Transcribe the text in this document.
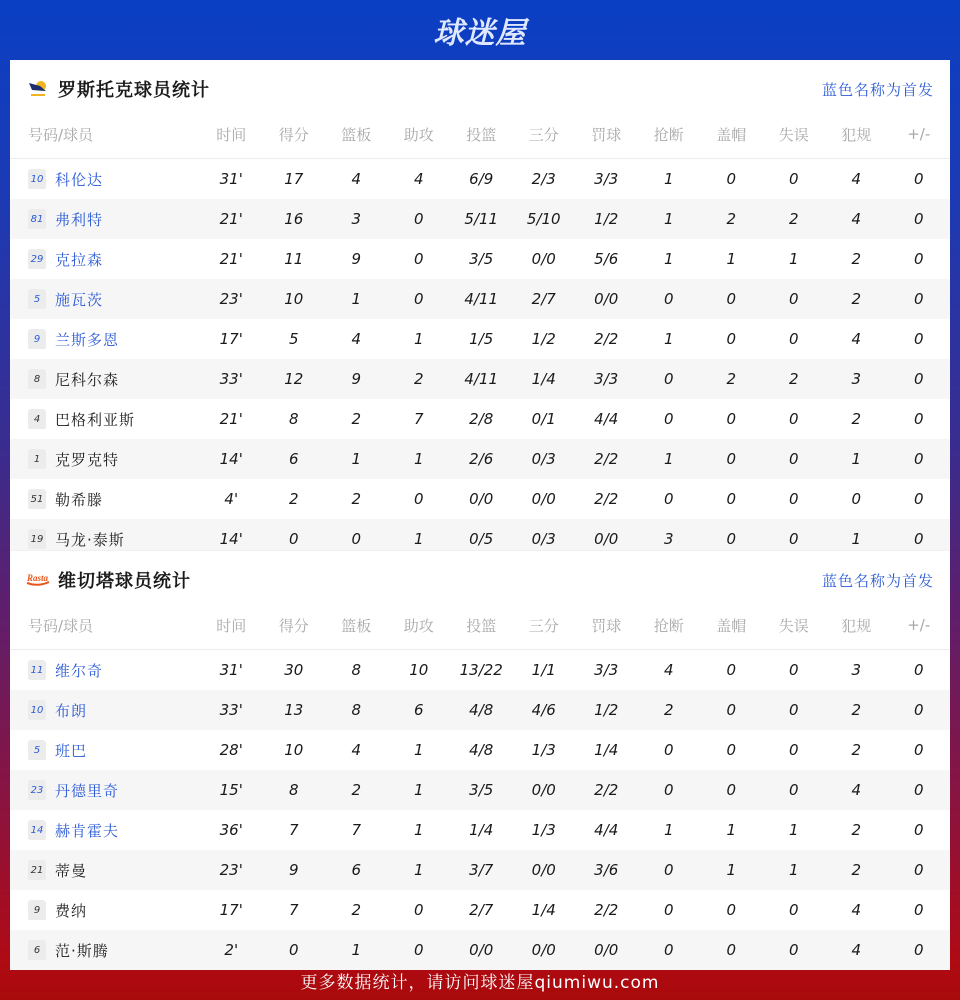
球迷屋
罗斯托克球员统计	蓝色名称为首发
号码/球员	时间	得分	篮板	助攻	投篮	三分	罚球	抢断	盖帽	失误	犯规	+/-
10 科伦达	31'	17	4	4	6/9	2/3	3/3	1	0	0	4	0
81 弗利特	21'	16	3	0	5/11	5/10	1/2	1	2	2	4	0
29 克拉森	21'	11	9	0	3/5	0/0	5/6	1	1	1	2	0
5 施瓦茨	23'	10	1	0	4/11	2/7	0/0	0	0	0	2	0
9 兰斯多恩	17'	5	4	1	1/5	1/2	2/2	1	0	0	4	0
8 尼科尔森	33'	12	9	2	4/11	1/4	3/3	0	2	2	3	0
4 巴格利亚斯	21'	8	2	7	2/8	0/1	4/4	0	0	0	2	0
1 克罗克特	14'	6	1	1	2/6	0/3	2/2	1	0	0	1	0
51 勒希滕	4'	2	2	0	0/0	0/0	2/2	0	0	0	0	0
19 马龙·泰斯	14'	0	0	1	0/5	0/3	0/0	3	0	0	1	0
Rasta 维切塔球员统计	蓝色名称为首发
号码/球员	时间	得分	篮板	助攻	投篮	三分	罚球	抢断	盖帽	失误	犯规	+/-
11 维尔奇	31'	30	8	10	13/22	1/1	3/3	4	0	0	3	0
10 布朗	33'	13	8	6	4/8	4/6	1/2	2	0	0	2	0
5 班巴	28'	10	4	1	4/8	1/3	1/4	0	0	0	2	0
23 丹德里奇	15'	8	2	1	3/5	0/0	2/2	0	0	0	4	0
14 赫肯霍夫	36'	7	7	1	1/4	1/3	4/4	1	1	1	2	0
21 蒂曼	23'	9	6	1	3/7	0/0	3/6	0	1	1	2	0
9 费纳	17'	7	2	0	2/7	1/4	2/2	0	0	0	4	0
6 范·斯腾	2'	0	1	0	0/0	0/0	0/0	0	0	0	4	0
更多数据统计，请访问球迷屋qiumiwu.com
